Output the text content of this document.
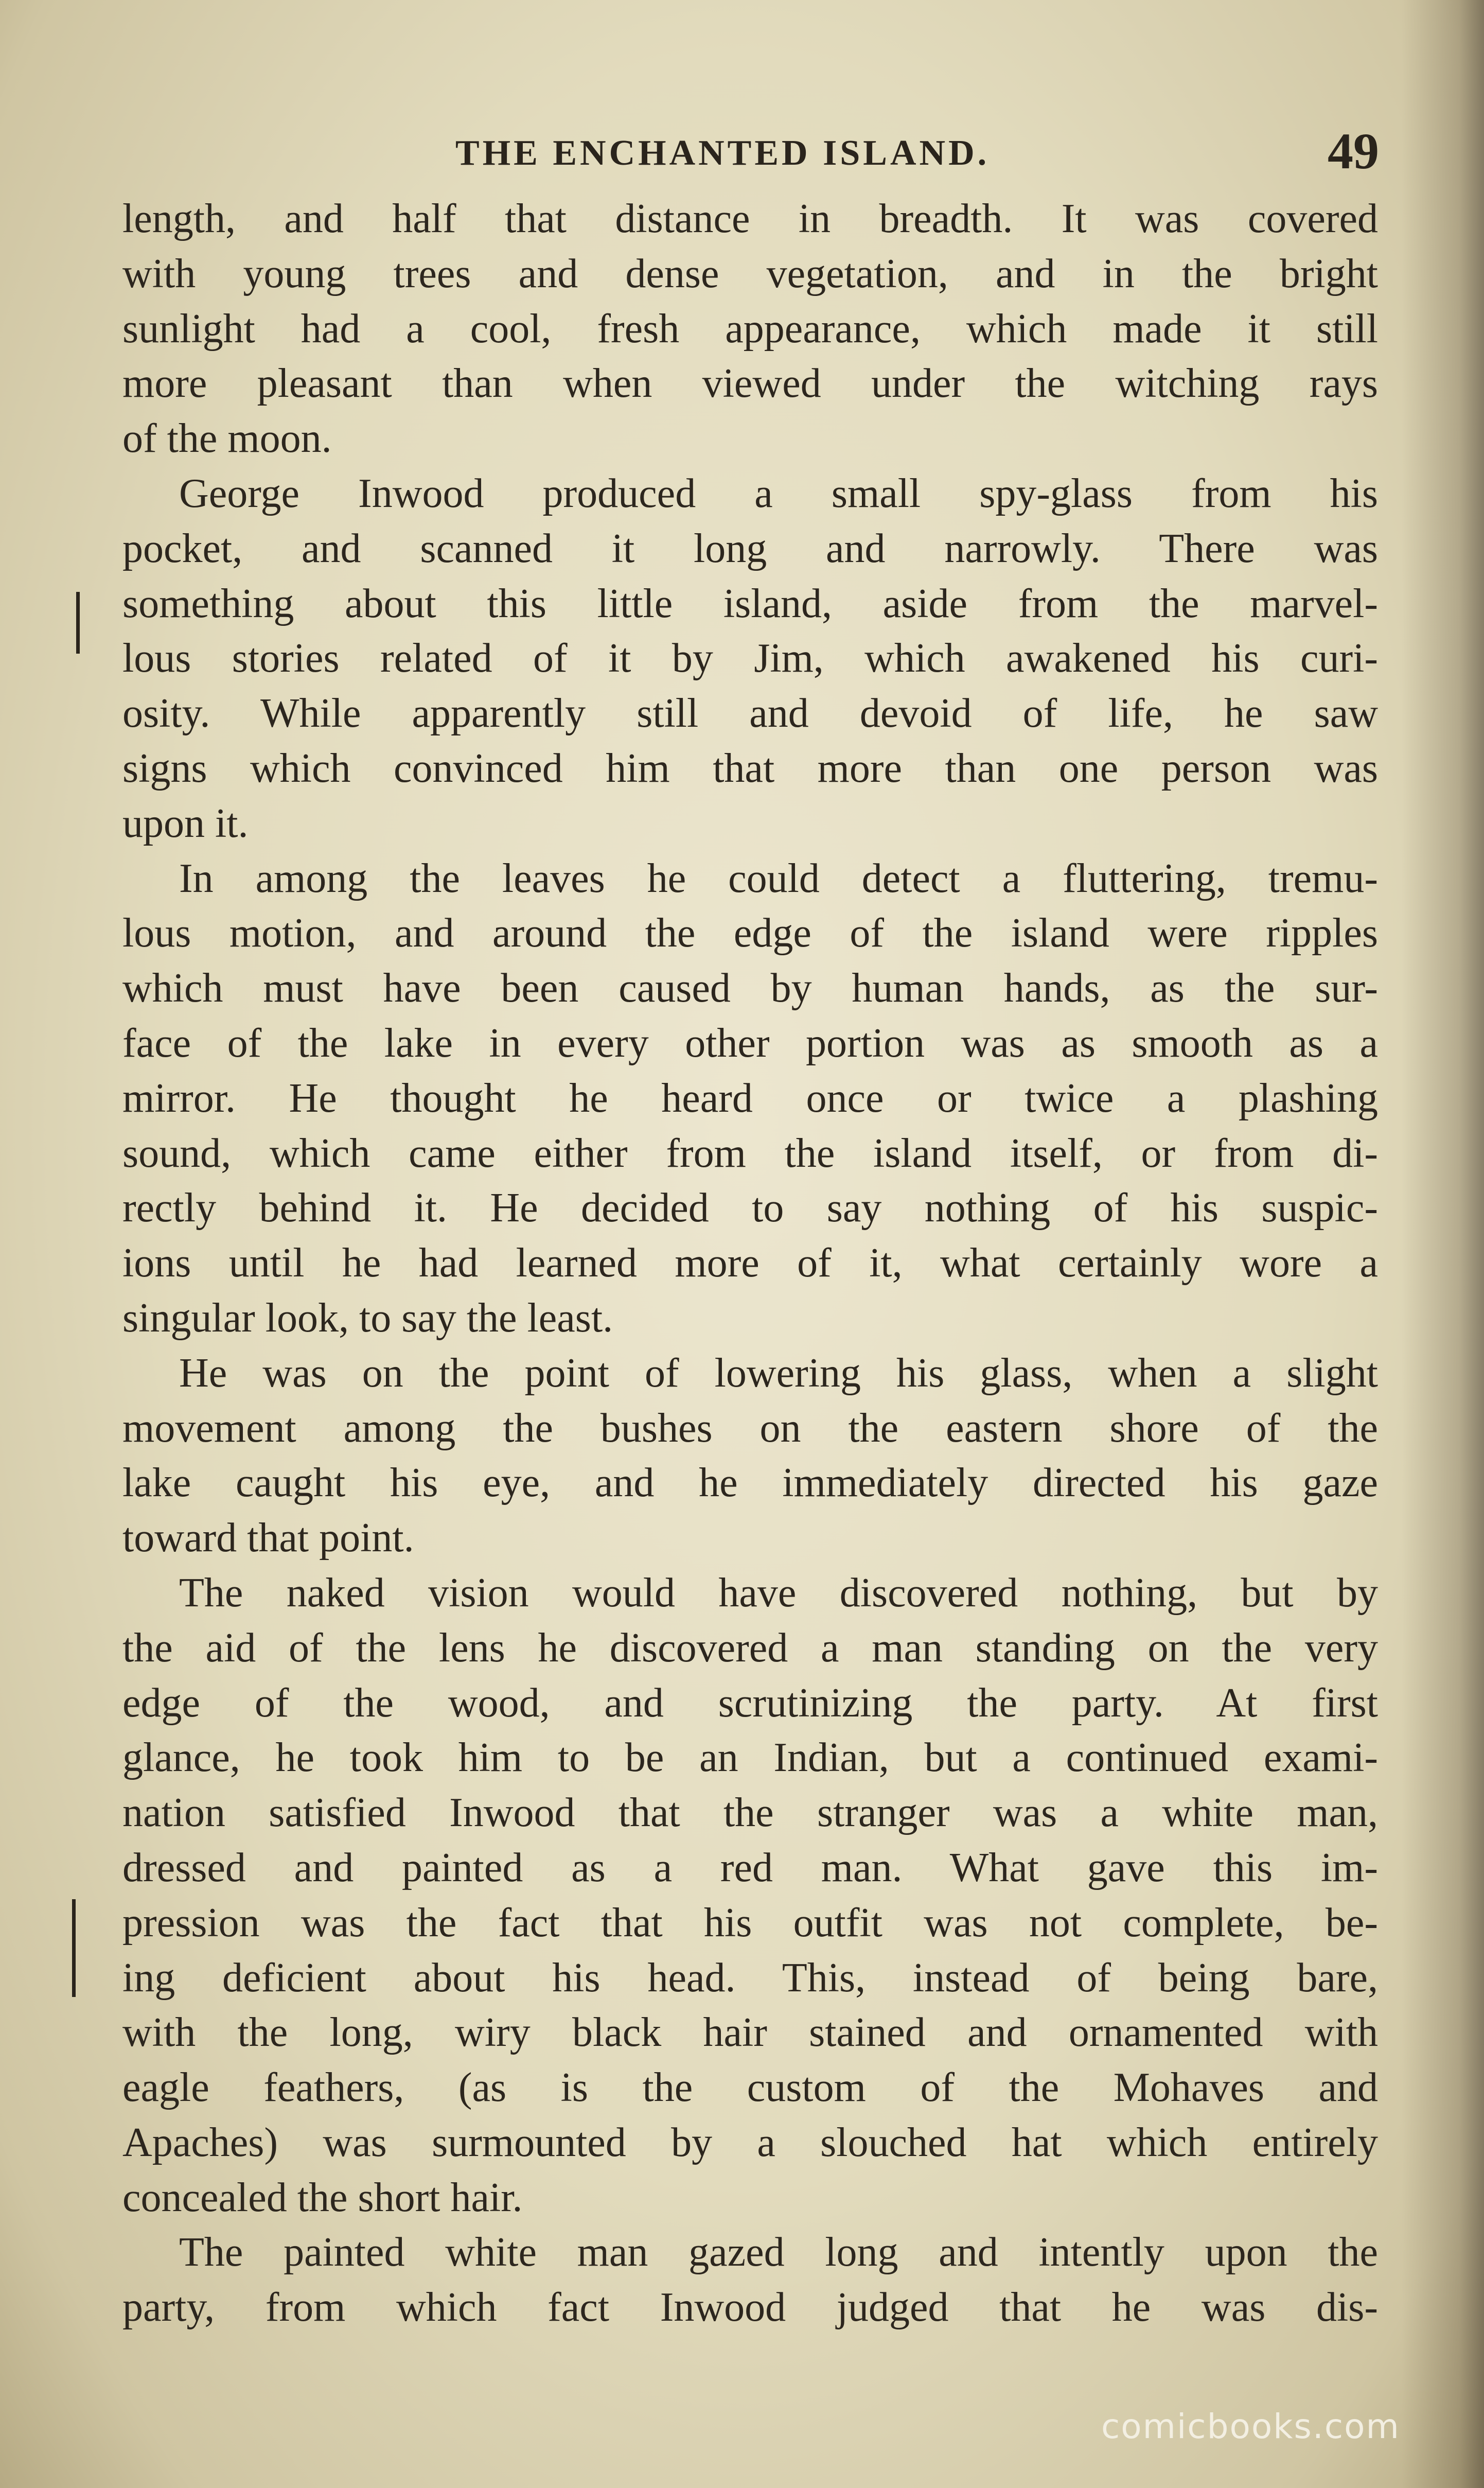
THE ENCHANTED ISLAND.	49
length, and half that distance in breadth. It was covered
with young trees and dense vegetation, and in the bright
sunlight had a cool, fresh appearance, which made it still
more pleasant than when viewed under the witching rays
of the moon.
George Inwood produced a small spy-glass from his
pocket, and scanned it long and narrowly. There was
something about this little island, aside from the marvel-
lous stories related of it by Jim, which awakened his curi-
osity. While apparently still and devoid of life, he saw
signs which convinced him that more than one person was
upon it.
In among the leaves he could detect a fluttering, tremu-
lous motion, and around the edge of the island were ripples
which must have been caused by human hands, as the sur-
face of the lake in every other portion was as smooth as a
mirror. He thought he heard once or twice a plashing
sound, which came either from the island itself, or from di-
rectly behind it. He decided to say nothing of his suspic-
ions until he had learned more of it, what certainly wore a
singular look, to say the least.
He was on the point of lowering his glass, when a slight
movement among the bushes on the eastern shore of the
lake caught his eye, and he immediately directed his gaze
toward that point.
The naked vision would have discovered nothing, but by
the aid of the lens he discovered a man standing on the very
edge of the wood, and scrutinizing the party. At first
glance, he took him to be an Indian, but a continued exami-
nation satisfied Inwood that the stranger was a white man,
dressed and painted as a red man. What gave this im-
pression was the fact that his outfit was not complete, be-
ing deficient about his head. This, instead of being bare,
with the long, wiry black hair stained and ornamented with
eagle feathers, (as is the custom of the Mohaves and
Apaches) was surmounted by a slouched hat which entirely
concealed the short hair.
The painted white man gazed long and intently upon the
party, from which fact Inwood judged that he was dis-
comicbooks.com
